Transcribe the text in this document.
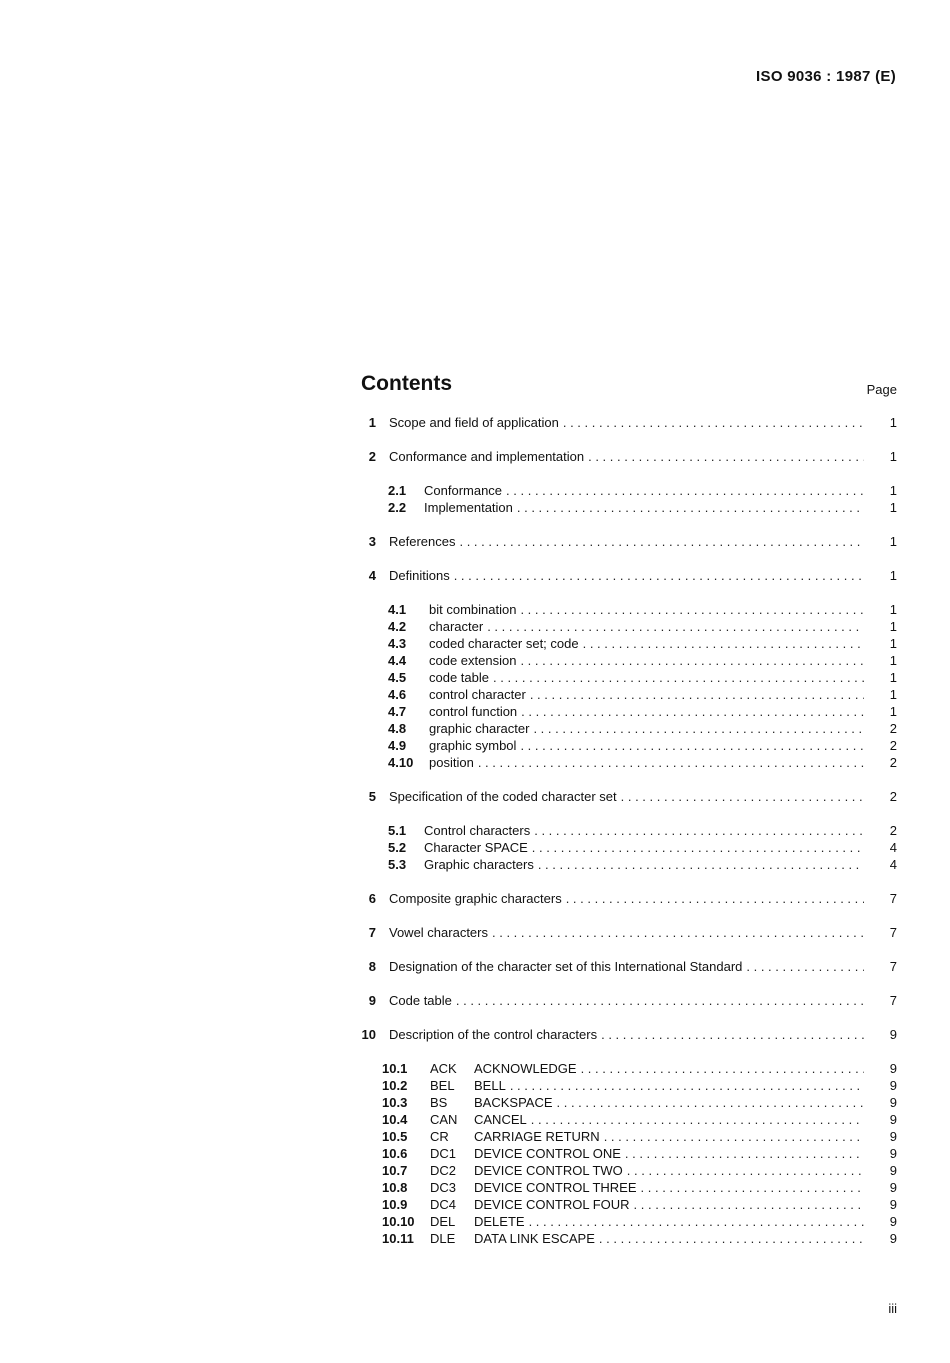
ISO 9036 : 1987 (E)
Contents	Page
1 Scope and field of application . . .	1
2 Conformance and implementation . . .	1
2.1	Conformance . . .	1
2.2	Implementation . . .	1
3 References . . .	1
4 Definitions . . .	1
4.1	bit combination . . .	1
4.2	character . . .	1
4.3	coded character set; code . . .	1
4.4	code extension . . .	1
4.5	code table . . .	1
4.6	control character . . .	1
4.7	control function . . .	1
4.8	graphic character . . .	2
4.9	graphic symbol . . .	2
4.10	position . . .	2
5 Specification of the coded character set . . .	2
5.1	Control characters . . .	2
5.2	Character SPACE . . .	4
5.3	Graphic characters . . .	4
6 Composite graphic characters . . .	7
7 Vowel characters . . .	7
8 Designation of the character set of this International Standard . . .	7
9 Code table . . .	7
10 Description of the control characters . . .	9
10.1	ACK	ACKNOWLEDGE . . .	9
10.2	BEL	BELL . . .	9
10.3	BS	BACKSPACE . . .	9
10.4	CAN	CANCEL . . .	9
10.5	CR	CARRIAGE RETURN . . .	9
10.6	DC1	DEVICE CONTROL ONE . . .	9
10.7	DC2	DEVICE CONTROL TWO . . .	9
10.8	DC3	DEVICE CONTROL THREE . . .	9
10.9	DC4	DEVICE CONTROL FOUR . . .	9
10.10	DEL	DELETE . . .	9
10.11	DLE	DATA LINK ESCAPE . . .	9
iii
